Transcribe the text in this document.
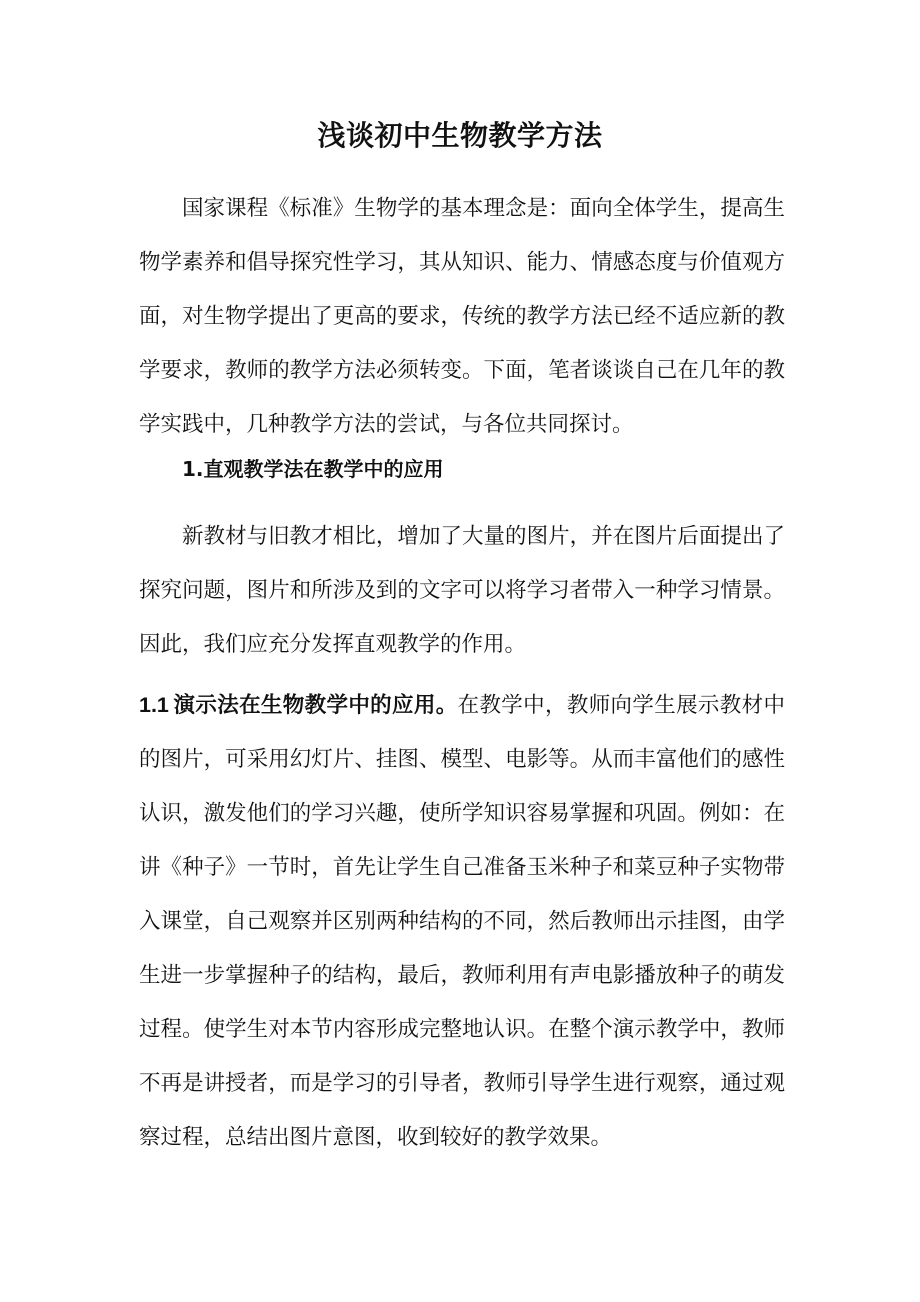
浅谈初中生物教学方法
国家课程《标准》生物学的基本理念是：面向全体学生，提高生物学素养和倡导探究性学习，其从知识、能力、情感态度与价值观方面，对生物学提出了更高的要求，传统的教学方法已经不适应新的教学要求，教师的教学方法必须转变。下面，笔者谈谈自己在几年的教学实践中，几种教学方法的尝试，与各位共同探讨。
1.直观教学法在教学中的应用
新教材与旧教才相比，增加了大量的图片，并在图片后面提出了探究问题，图片和所涉及到的文字可以将学习者带入一种学习情景。因此，我们应充分发挥直观教学的作用。
1.1  演示法在生物教学中的应用。在教学中，教师向学生展示教材中的图片，可采用幻灯片、挂图、模型、电影等。从而丰富他们的感性认识，激发他们的学习兴趣，使所学知识容易掌握和巩固。例如：在讲《种子》一节时，首先让学生自己准备玉米种子和菜豆种子实物带入课堂，自己观察并区别两种结构的不同，然后教师出示挂图，由学生进一步掌握种子的结构，最后，教师利用有声电影播放种子的萌发过程。使学生对本节内容形成完整地认识。在整个演示教学中，教师不再是讲授者，而是学习的引导者，教师引导学生进行观察，通过观察过程，总结出图片意图，收到较好的教学效果。
